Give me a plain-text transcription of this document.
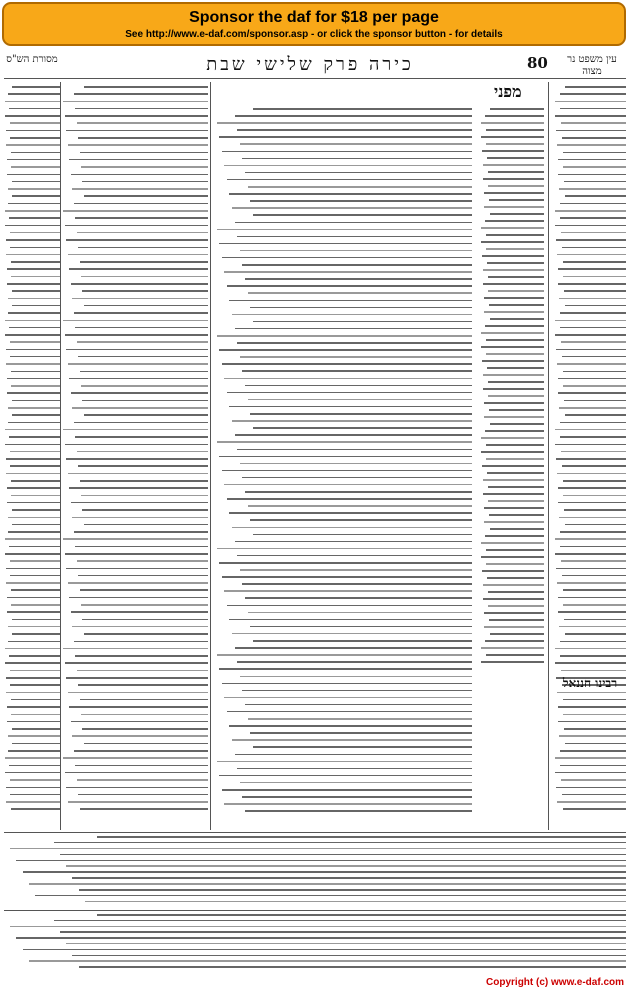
Sponsor the daf for $18 per page
See http://www.e-daf.com/sponsor.asp - or click the sponsor button - for details
80
כירה פרק שלישי שבת	עין משפט נר מצוה
מסורת הש"ס
מפני
רבינו חננאל
Copyright (c) www.e-daf.com
